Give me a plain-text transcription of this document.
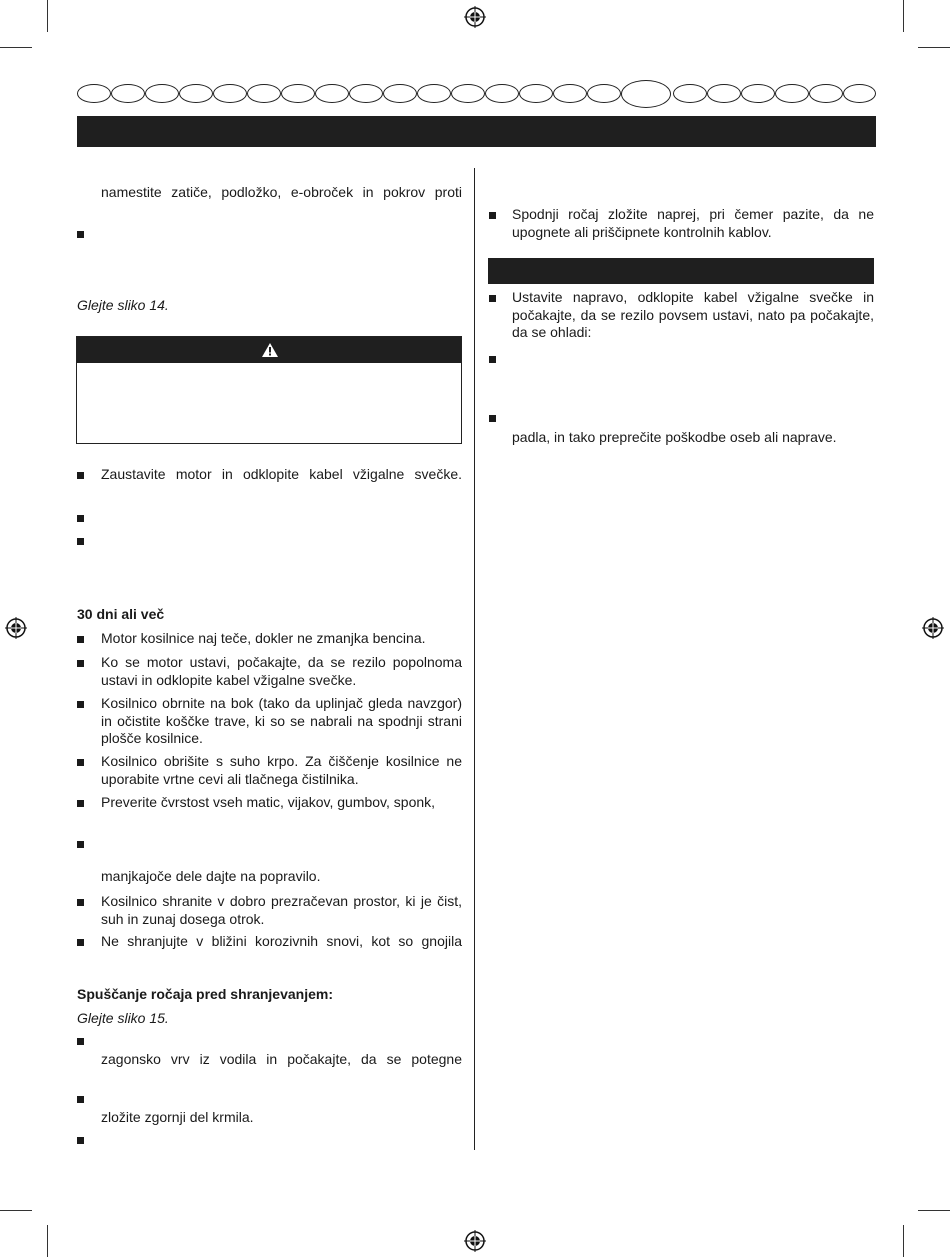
namestite zatiče, podložko, e-obroček in pokrov proti
Glejte sliko 14.
Zaustavite motor in odklopite kabel vžigalne svečke.
30 dni ali več
Motor kosilnice naj teče, dokler ne zmanjka bencina.
Ko se motor ustavi, počakajte, da se rezilo popolnoma ustavi in odklopite kabel vžigalne svečke.
Kosilnico obrnite na bok (tako da uplinjač gleda navzgor) in očistite koščke trave, ki so se nabrali na spodnji strani plošče kosilnice.
Kosilnico obrišite s suho krpo. Za čiščenje kosilnice ne uporabite vrtne cevi ali tlačnega čistilnika.
Preverite čvrstost vseh matic, vijakov, gumbov, sponk,
manjkajoče dele dajte na popravilo.
Kosilnico shranite v dobro prezračevan prostor, ki je čist, suh in zunaj dosega otrok.
Ne shranjujte v bližini korozivnih snovi, kot so gnojila
Spuščanje ročaja pred shranjevanjem:
Glejte sliko 15.
zagonsko vrv iz vodila in počakajte, da se potegne
zložite zgornji del krmila.
Spodnji ročaj zložite naprej, pri čemer pazite, da ne upognete ali priščipnete kontrolnih kablov.
Ustavite napravo, odklopite kabel vžigalne svečke in počakajte, da se rezilo povsem ustavi, nato pa počakajte, da se ohladi:
padla, in tako preprečite poškodbe oseb ali naprave.
